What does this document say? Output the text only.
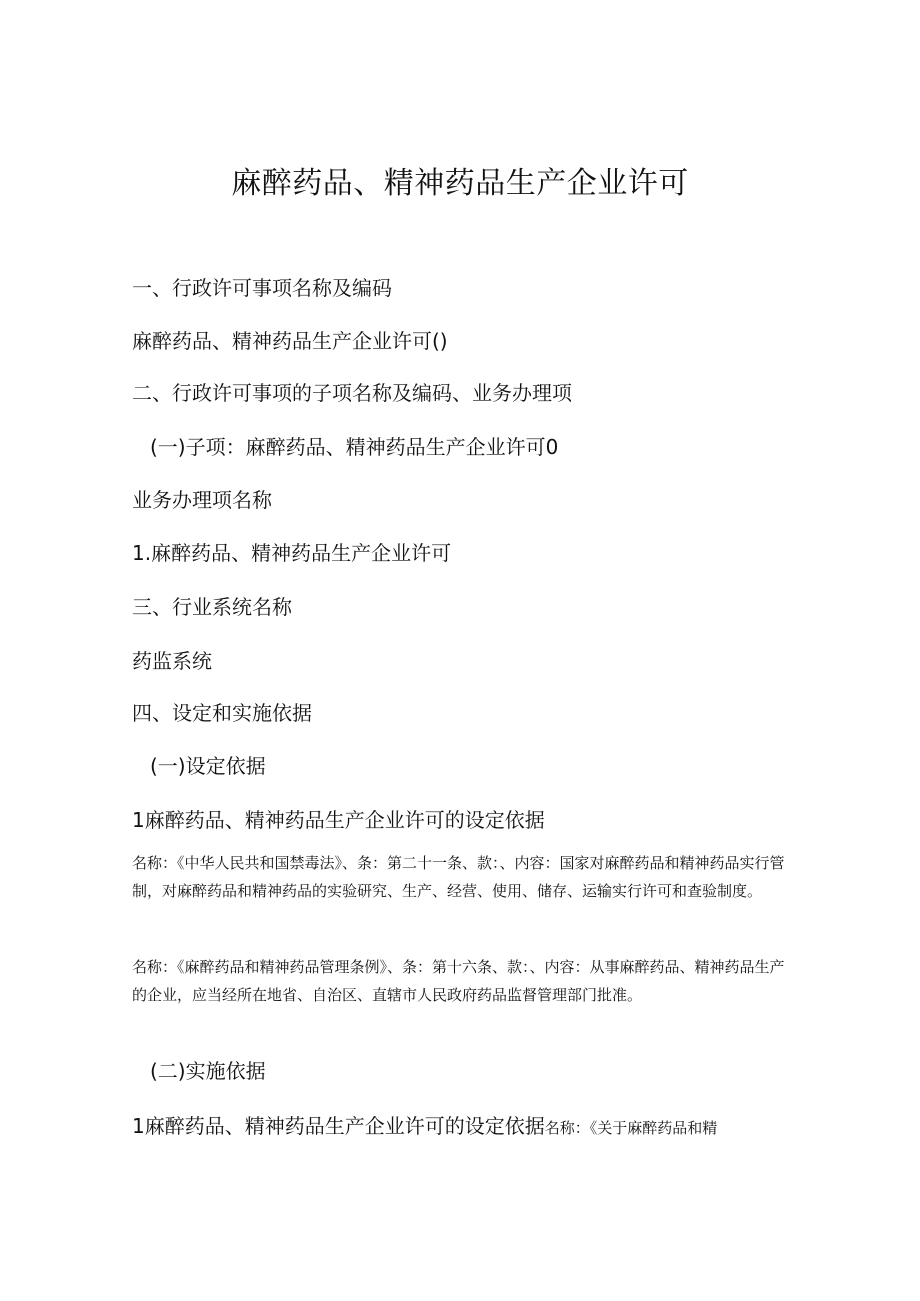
麻醉药品、精神药品生产企业许可
一、行政许可事项名称及编码
麻醉药品、精神药品生产企业许可()
二、行政许可事项的子项名称及编码、业务办理项
(一)子项：麻醉药品、精神药品生产企业许可0
业务办理项名称
1.麻醉药品、精神药品生产企业许可
三、行业系统名称
药监系统
四、设定和实施依据
(一)设定依据
1麻醉药品、精神药品生产企业许可的设定依据
名称：《中华人民共和国禁毒法》、条：第二十一条、款：、内容：国家对麻醉药品和精神药品实行管制，对麻醉药品和精神药品的实验研究、生产、经营、使用、储存、运输实行许可和查验制度。
名称：《麻醉药品和精神药品管理条例》、条：第十六条、款：、内容：从事麻醉药品、精神药品生产的企业，应当经所在地省、自治区、直辖市人民政府药品监督管理部门批准。
(二)实施依据
1麻醉药品、精神药品生产企业许可的设定依据名称：《关于麻醉药品和精
